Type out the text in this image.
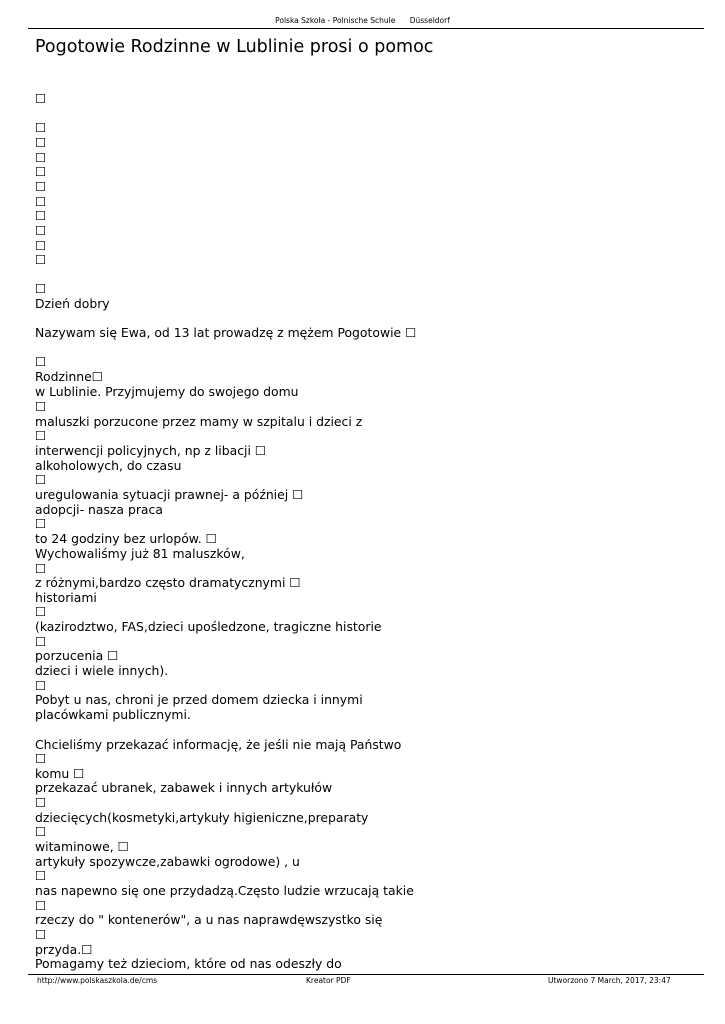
Polska Szkoła - Polnische Schule Düsseldorf
Pogotowie Rodzinne w Lublinie prosi o pomoc
☐
☐
☐
☐
☐
☐
☐
☐
☐
☐
☐
☐
Dzień dobry
Nazywam się Ewa, od 13 lat prowadzę z mężem Pogotowie ☐
☐
Rodzinne☐
w Lublinie. Przyjmujemy do swojego domu
☐
maluszki porzucone przez mamy w szpitalu i dzieci z
☐
interwencji policyjnych, np z libacji ☐
alkoholowych, do czasu
☐
uregulowania sytuacji prawnej- a później ☐
adopcji- nasza praca
☐
to 24 godziny bez urlopów. ☐
Wychowaliśmy już 81 maluszków,
☐
z różnymi,bardzo często dramatycznymi ☐
historiami
☐
(kazirodztwo, FAS,dzieci upośledzone, tragiczne historie
☐
porzucenia ☐
dzieci i wiele innych).
☐
Pobyt u nas, chroni je przed domem dziecka i innymi
placówkami publicznymi.
Chcieliśmy przekazać informację, że jeśli nie mają Państwo
☐
komu ☐
przekazać ubranek, zabawek i innych artykułów
☐
dziecięcych(kosmetyki,artykuły higieniczne,preparaty
☐
witaminowe, ☐
artykuły spozywcze,zabawki ogrodowe) , u
☐
nas napewno się one przydadzą.Często ludzie wrzucają takie
☐
rzeczy do " kontenerów", a u nas naprawdęwszystko się
☐
przyda.☐
Pomagamy też dzieciom, które od nas odeszły do
http://www.polskaszkola.de/cms	Kreator PDF	Utworzono 7 March, 2017, 23:47
